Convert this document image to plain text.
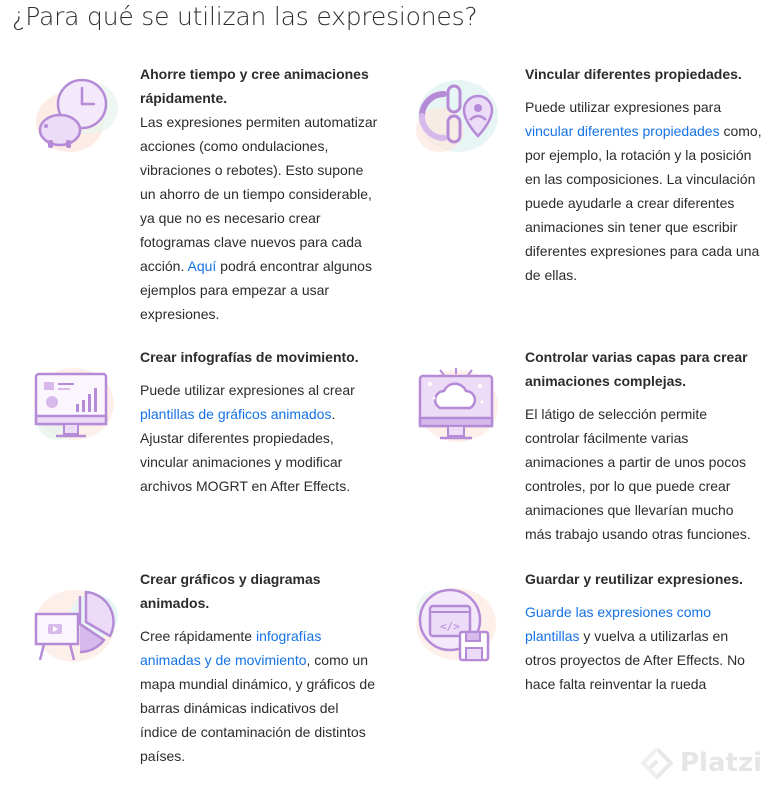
¿Para qué se utilizan las expresiones?
Ahorre tiempo y cree animaciones rápidamente.
Las expresiones permiten automatizar acciones (como ondulaciones, vibraciones o rebotes). Esto supone un ahorro de un tiempo considerable, ya que no es necesario crear fotogramas clave nuevos para cada acción. Aquí podrá encontrar algunos ejemplos para empezar a usar expresiones.
Vincular diferentes propiedades.
Puede utilizar expresiones para vincular diferentes propiedades como, por ejemplo, la rotación y la posición en las composiciones. La vinculación puede ayudarle a crear diferentes animaciones sin tener que escribir diferentes expresiones para cada una de ellas.
Crear infografías de movimiento.
Puede utilizar expresiones al crear plantillas de gráficos animados. Ajustar diferentes propiedades, vincular animaciones y modificar archivos MOGRT en After Effects.
Controlar varias capas para crear animaciones complejas.
El látigo de selección permite controlar fácilmente varias animaciones a partir de unos pocos controles, por lo que puede crear animaciones que llevarían mucho más trabajo usando otras funciones.
Crear gráficos y diagramas animados.
Cree rápidamente infografías animadas y de movimiento, como un mapa mundial dinámico, y gráficos de barras dinámicas indicativos del índice de contaminación de distintos países.
</>
Guardar y reutilizar expresiones.
Guarde las expresiones como plantillas y vuelva a utilizarlas en otros proyectos de After Effects. No hace falta reinventar la rueda
Platzi
